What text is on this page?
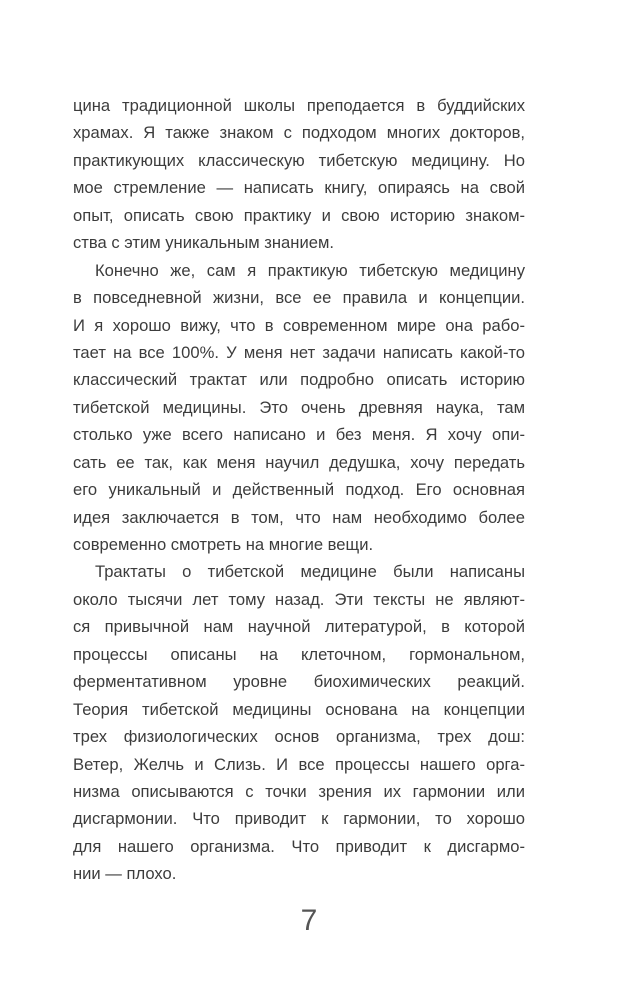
цина традиционной школы преподается в буддийских
храмах. Я также знаком с подходом многих докторов,
практикующих классическую тибетскую медицину. Но
мое стремление — написать книгу, опираясь на свой
опыт, описать свою практику и свою историю знаком-
ства с этим уникальным знанием.
Конечно же, сам я практикую тибетскую медицину
в повседневной жизни, все ее правила и концепции.
И я хорошо вижу, что в современном мире она рабо-
тает на все 100%. У меня нет задачи написать какой-то
классический трактат или подробно описать историю
тибетской медицины. Это очень древняя наука, там
столько уже всего написано и без меня. Я хочу опи-
сать ее так, как меня научил дедушка, хочу передать
его уникальный и действенный подход. Его основная
идея заключается в том, что нам необходимо более
современно смотреть на многие вещи.
Трактаты о тибетской медицине были написаны
около тысячи лет тому назад. Эти тексты не являют-
ся привычной нам научной литературой, в которой
процессы описаны на клеточном, гормональном,
ферментативном уровне биохимических реакций.
Теория тибетской медицины основана на концепции
трех физиологических основ организма, трех дош:
Ветер, Желчь и Слизь. И все процессы нашего орга-
низма описываются с точки зрения их гармонии или
дисгармонии. Что приводит к гармонии, то хорошо
для нашего организма. Что приводит к дисгармо-
нии — плохо.
7
